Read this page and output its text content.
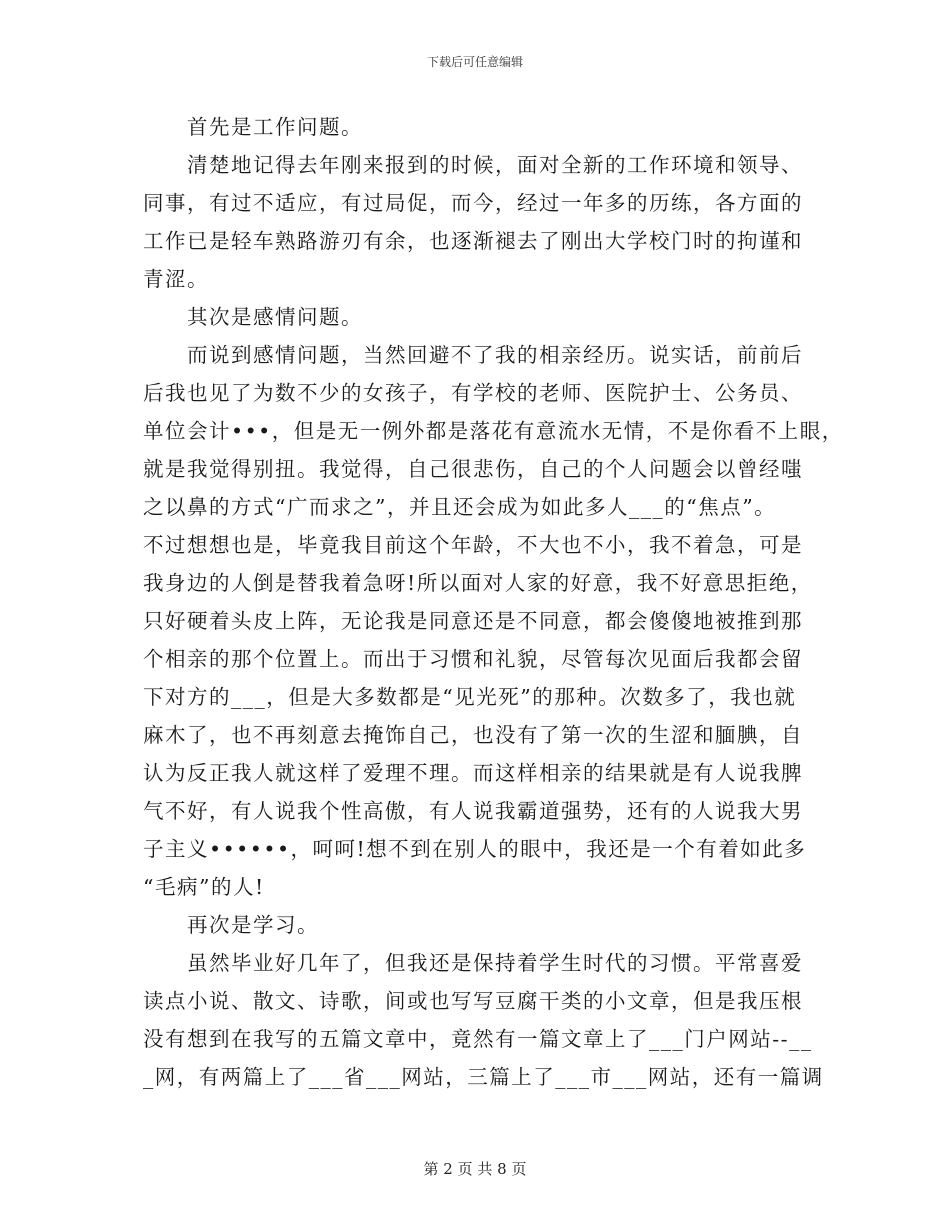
下载后可任意编辑
首先是工作问题。
清楚地记得去年刚来报到的时候，面对全新的工作环境和领导、
同事，有过不适应，有过局促，而今，经过一年多的历练，各方面的
工作已是轻车熟路游刃有余，也逐渐褪去了刚出大学校门时的拘谨和
青涩。
其次是感情问题。
而说到感情问题，当然回避不了我的相亲经历。说实话，前前后
后我也见了为数不少的女孩子，有学校的老师、医院护士、公务员、
单位会计•••，但是无一例外都是落花有意流水无情，不是你看不上眼，
就是我觉得别扭。我觉得，自己很悲伤，自己的个人问题会以曾经嗤
之以鼻的方式“广而求之”，并且还会成为如此多人___的“焦点”。
不过想想也是，毕竟我目前这个年龄，不大也不小，我不着急，可是
我身边的人倒是替我着急呀!所以面对人家的好意，我不好意思拒绝，
只好硬着头皮上阵，无论我是同意还是不同意，都会傻傻地被推到那
个相亲的那个位置上。而出于习惯和礼貌，尽管每次见面后我都会留
下对方的___，但是大多数都是“见光死”的那种。次数多了，我也就
麻木了，也不再刻意去掩饰自己，也没有了第一次的生涩和腼腆，自
认为反正我人就这样了爱理不理。而这样相亲的结果就是有人说我脾
气不好，有人说我个性高傲，有人说我霸道强势，还有的人说我大男
子主义••••••，呵呵!想不到在别人的眼中，我还是一个有着如此多
“毛病”的人!
再次是学习。
虽然毕业好几年了，但我还是保持着学生时代的习惯。平常喜爱
读点小说、散文、诗歌，间或也写写豆腐干类的小文章，但是我压根
没有想到在我写的五篇文章中，竟然有一篇文章上了___门户网站--__
_网，有两篇上了___省___网站，三篇上了___市___网站，还有一篇调
第 2 页 共 8 页
